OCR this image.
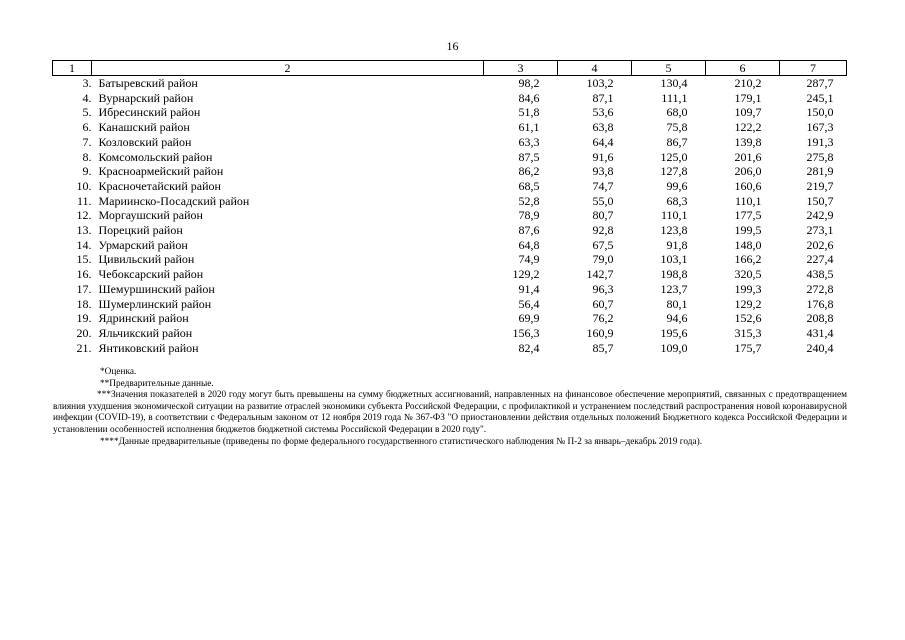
16
1	2	3	4	5	6	7
3.	Батыревский район	98,2	103,2	130,4	210,2	287,7
4.	Вурнарский район	84,6	87,1	111,1	179,1	245,1
5.	Ибресинский район	51,8	53,6	68,0	109,7	150,0
6.	Канашский район	61,1	63,8	75,8	122,2	167,3
7.	Козловский район	63,3	64,4	86,7	139,8	191,3
8.	Комсомольский район	87,5	91,6	125,0	201,6	275,8
9.	Красноармейский район	86,2	93,8	127,8	206,0	281,9
10.	Красночетайский район	68,5	74,7	99,6	160,6	219,7
11.	Мариинско-Посадский район	52,8	55,0	68,3	110,1	150,7
12.	Моргаушский район	78,9	80,7	110,1	177,5	242,9
13.	Порецкий район	87,6	92,8	123,8	199,5	273,1
14.	Урмарский район	64,8	67,5	91,8	148,0	202,6
15.	Цивильский район	74,9	79,0	103,1	166,2	227,4
16.	Чебоксарский район	129,2	142,7	198,8	320,5	438,5
17.	Шемуршинский район	91,4	96,3	123,7	199,3	272,8
18.	Шумерлинский район	56,4	60,7	80,1	129,2	176,8
19.	Ядринский район	69,9	76,2	94,6	152,6	208,8
20.	Яльчикский район	156,3	160,9	195,6	315,3	431,4
21.	Янтиковский район	82,4	85,7	109,0	175,7	240,4

*Оценка.

**Предварительные данные.

***Значения показателей в 2020 году могут быть превышены на сумму бюджетных ассигнований, направленных на финансовое обеспечение мероприятий, связанных с предотвращением влияния ухудшения экономической ситуации на развитие отраслей экономики субъекта Российской Федерации, с профилактикой и устранением последствий распространения новой коронавирусной инфекции (COVID-19), в соответствии с Федеральным законом от 12 ноября 2019 года № 367-ФЗ "О приостановлении действия отдельных положений Бюджетного кодекса Российской Федерации и установлении особенностей исполнения бюджетов бюджетной системы Российской Федерации в 2020 году".

****Данные предварительные (приведены по форме федерального государственного статистического наблюдения № П-2 за январь–декабрь 2019 года).
